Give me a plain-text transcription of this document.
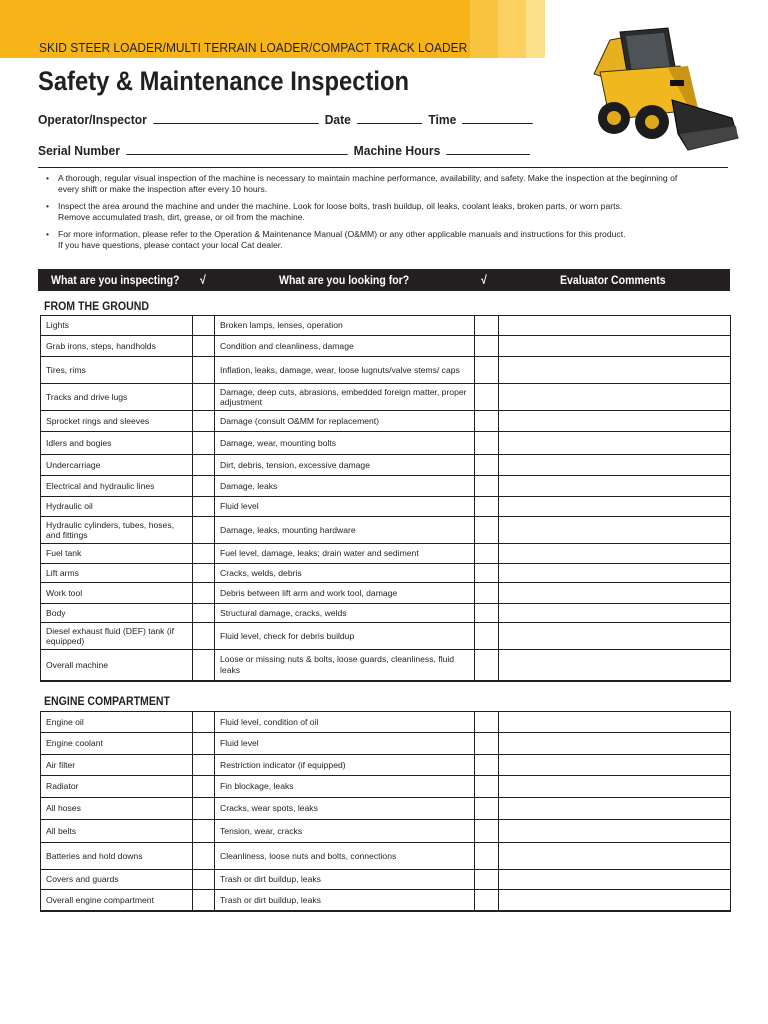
SKID STEER LOADER/MULTI TERRAIN LOADER/COMPACT TRACK LOADER
Safety & Maintenance Inspection
Operator/Inspector	Date	Time
Serial Number	Machine Hours
• A thorough, regular visual inspection of the machine is necessary to maintain machine performance, availability, and safety. Make the inspection at the beginning of
every shift or make the inspection after every 10 hours.
• Inspect the area around the machine and under the machine. Look for loose bolts, trash buildup, oil leaks, coolant leaks, broken parts, or worn parts.
Remove accumulated trash, dirt, grease, or oil from the machine.
• For more information, please refer to the Operation & Maintenance Manual (O&MM) or any other applicable manuals and instructions for this product.
If you have questions, please contact your local Cat dealer.
What are you inspecting? √	What are you looking for?	√	Evaluator Comments
FROM THE GROUND
Lights		Broken lamps, lenses, operation		
Grab irons, steps, handholds		Condition and cleanliness, damage		
Tires, rims		Inflation, leaks, damage, wear, loose lugnuts/valve stems/ caps		
Tracks and drive lugs		Damage, deep cuts, abrasions, embedded foreign matter, proper adjustment		
Sprocket rings and sleeves		Damage (consult O&MM for replacement)		
Idlers and bogies		Damage, wear, mounting bolts		
Undercarriage		Dirt, debris, tension, excessive damage		
Electrical and hydraulic lines		Damage, leaks		
Hydraulic oil		Fluid level		
Hydraulic cylinders, tubes, hoses, and fittings		Damage, leaks, mounting hardware		
Fuel tank		Fuel level, damage, leaks; drain water and sediment		
Lift arms		Cracks, welds, debris		
Work tool		Debris between lift arm and work tool, damage		
Body		Structural damage, cracks, welds		
Diesel exhaust fluid (DEF) tank (if equipped)		Fluid level, check for debris buildup		
Overall machine		Loose or missing nuts & bolts, loose guards, cleanliness, fluid leaks		
ENGINE COMPARTMENT
Engine oil		Fluid level, condition of oil		
Engine coolant		Fluid level		
Air filter		Restriction indicator (if equipped)		
Radiator		Fin blockage, leaks		
All hoses		Cracks, wear spots, leaks		
All belts		Tension, wear, cracks		
Batteries and hold downs		Cleanliness, loose nuts and bolts, connections		
Covers and guards		Trash or dirt buildup, leaks		
Overall engine compartment		Trash or dirt buildup, leaks		
